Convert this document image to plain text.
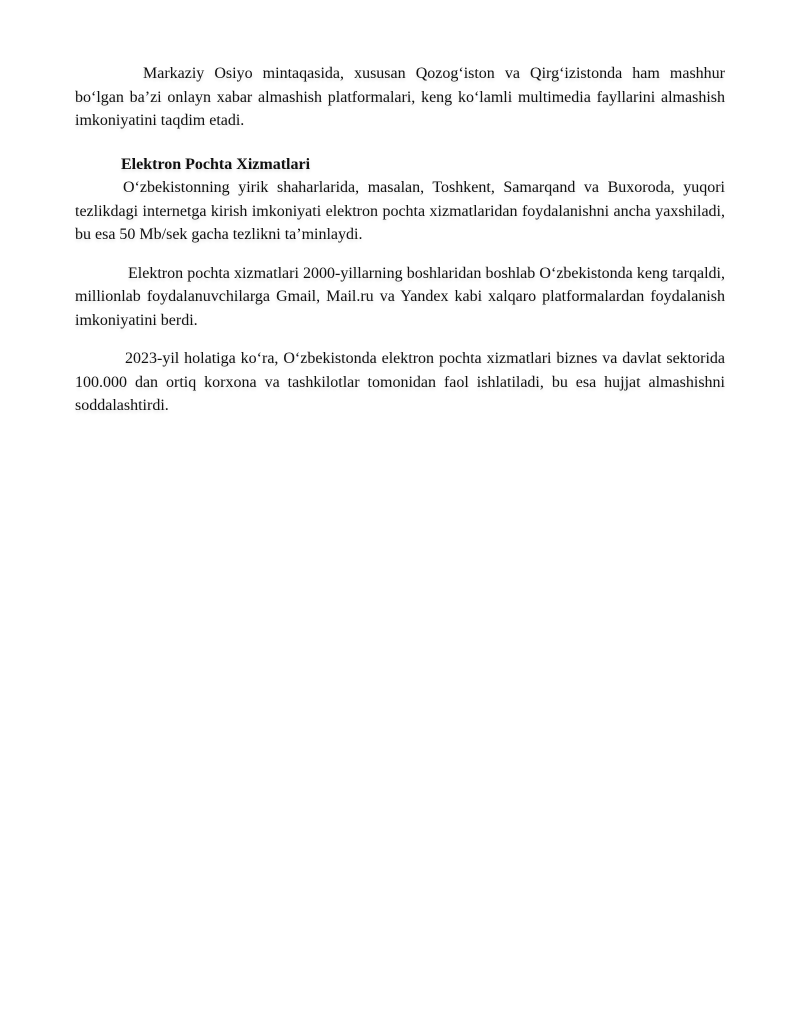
Markaziy Osiyo mintaqasida, xususan Qozog‘iston va Qirg‘izistonda ham mashhur bo‘lgan ba’zi onlayn xabar almashish platformalari, keng ko‘lamli multimedia fayllarini almashish imkoniyatini taqdim etadi.

Elektron Pochta Xizmatlari

O‘zbekistonning yirik shaharlarida, masalan, Toshkent, Samarqand va Buxoroda, yuqori tezlikdagi internetga kirish imkoniyati elektron pochta xizmatlaridan foydalanishni ancha yaxshiladi, bu esa 50 Mb/sek gacha tezlikni ta’minlaydi.

Elektron pochta xizmatlari 2000-yillarning boshlaridan boshlab O‘zbekistonda keng tarqaldi, millionlab foydalanuvchilarga Gmail, Mail.ru va Yandex kabi xalqaro platformalardan foydalanish imkoniyatini berdi.

2023-yil holatiga ko‘ra, O‘zbekistonda elektron pochta xizmatlari biznes va davlat sektorida 100.000 dan ortiq korxona va tashkilotlar tomonidan faol ishlatiladi, bu esa hujjat almashishni soddalashtirdi.
